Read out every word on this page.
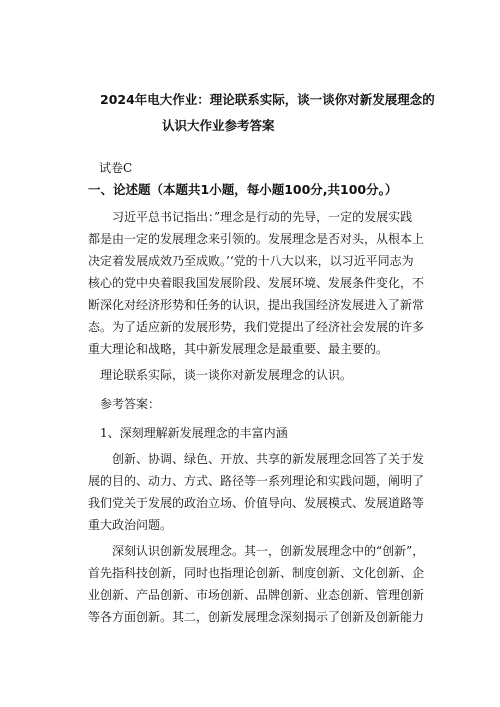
2024年电大作业：理论联系实际，谈一谈你对新发展理念的
认识大作业参考答案
试卷C
一、论述题（本题共1小题，每小题100分,共100分。）
习近平总书记指出：”理念是行动的先导，一定的发展实践
都是由一定的发展理念来引领的。发展理念是否对头，从根本上
决定着发展成效乃至成败。’‘党的十八大以来，以习近平同志为
核心的党中央着眼我国发展阶段、发展环境、发展条件变化，不
断深化对经济形势和任务的认识，提出我国经济发展进入了新常
态。为了适应新的发展形势，我们党提出了经济社会发展的许多
重大理论和战略，其中新发展理念是最重要、最主要的。
理论联系实际，谈一谈你对新发展理念的认识。
参考答案：
1、深刻理解新发展理念的丰富内涵
创新、协调、绿色、开放、共享的新发展理念回答了关于发
展的目的、动力、方式、路径等一系列理论和实践问题，阐明了
我们党关于发展的政治立场、价值导向、发展模式、发展道路等
重大政治问题。
深刻认识创新发展理念。其一，创新发展理念中的“创新”，
首先指科技创新，同时也指理论创新、制度创新、文化创新、企
业创新、产品创新、市场创新、品牌创新、业态创新、管理创新
等各方面创新。其二，创新发展理念深刻揭示了创新及创新能力
